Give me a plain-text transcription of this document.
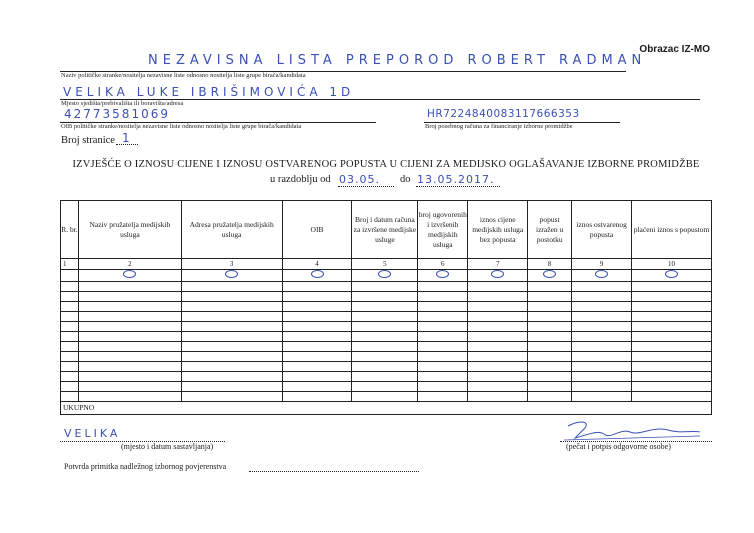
Obrazac IZ-MO
NEZAVISNA LISTA PREPOROD ROBERT RADMAN
Naziv političke stranke/nositelja nezavisne liste odnosno nositelja liste grupe birača/kandidata
VELIKA LUKE IBRIŠIMOVIĆA 1D
Mjesto sjedišta/prebivališta ili boravišta/adresa
42773581069
OIB političke stranke/nositelja nezavisne liste odnosno nositelja liste grupe birača/kandidata
HR7224840083117666353
Broj posebnog računa za financiranje izborne promidžbe
Broj stranice 1
IZVJEŠĆE O IZNOSU CIJENE I IZNOSU OSTVARENOG POPUSTA U CIJENI ZA MEDIJSKO OGLAŠAVANJE IZBORNE PROMIDŽBE
u razdoblju od 03.05. do 13.05.2017.
R. br.	Naziv pružatelja medijskih usluga	Adresa pružatelja medijskih usluga	OIB	Broj i datum računa za izvršene medijske usluge	broj ugovorenih i izvršenih medijskih usluga	iznos cijene medijskih usluga bez popusta	popust izražen u postotku	iznos ostvarenog popusta	plaćeni iznos s popustom
1	2	3	4	5	6	7	8	9	10

UKUPNO									
VELIKA
(mjesto i datum sastavljanja)	(pečat i potpis odgovorne osobe)
Potvrda primitka nadležnog izbornog povjerenstva
